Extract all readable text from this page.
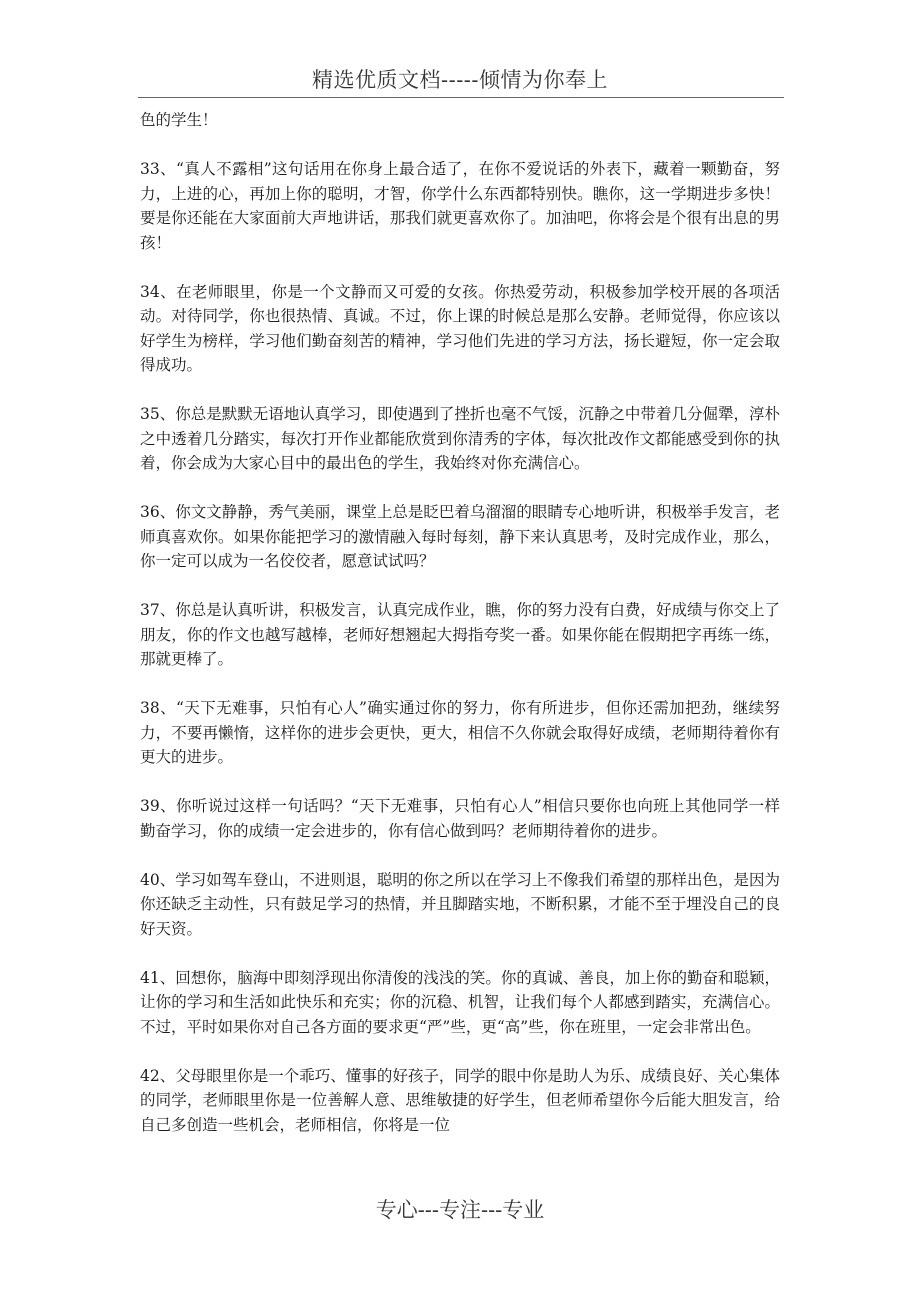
精选优质文档-----倾情为你奉上

色的学生！

33、“真人不露相”这句话用在你身上最合适了，在你不爱说话的外表下，藏着一颗勤奋，努力，上进的心，再加上你的聪明，才智，你学什么东西都特别快。瞧你，这一学期进步多快！要是你还能在大家面前大声地讲话，那我们就更喜欢你了。加油吧，你将会是个很有出息的男孩！

34、在老师眼里，你是一个文静而又可爱的女孩。你热爱劳动，积极参加学校开展的各项活动。对待同学，你也很热情、真诚。不过，你上课的时候总是那么安静。老师觉得，你应该以好学生为榜样，学习他们勤奋刻苦的精神，学习他们先进的学习方法，扬长避短，你一定会取得成功。

35、你总是默默无语地认真学习，即使遇到了挫折也毫不气馁，沉静之中带着几分倔犟，淳朴之中透着几分踏实，每次打开作业都能欣赏到你清秀的字体，每次批改作文都能感受到你的执着，你会成为大家心目中的最出色的学生，我始终对你充满信心。

36、你文文静静，秀气美丽，课堂上总是眨巴着乌溜溜的眼睛专心地听讲，积极举手发言，老师真喜欢你。如果你能把学习的激情融入每时每刻，静下来认真思考，及时完成作业，那么，你一定可以成为一名佼佼者，愿意试试吗？

37、你总是认真听讲，积极发言，认真完成作业，瞧，你的努力没有白费，好成绩与你交上了朋友，你的作文也越写越棒，老师好想翘起大拇指夸奖一番。如果你能在假期把字再练一练，那就更棒了。

38、“天下无难事，只怕有心人”确实通过你的努力，你有所进步，但你还需加把劲，继续努力，不要再懒惰，这样你的进步会更快，更大，相信不久你就会取得好成绩，老师期待着你有更大的进步。

39、你听说过这样一句话吗？“天下无难事，只怕有心人”相信只要你也向班上其他同学一样勤奋学习，你的成绩一定会进步的，你有信心做到吗？老师期待着你的进步。

40、学习如驾车登山，不进则退，聪明的你之所以在学习上不像我们希望的那样出色，是因为你还缺乏主动性，只有鼓足学习的热情，并且脚踏实地，不断积累，才能不至于埋没自己的良好天资。

41、回想你，脑海中即刻浮现出你清俊的浅浅的笑。你的真诚、善良，加上你的勤奋和聪颖，让你的学习和生活如此快乐和充实；你的沉稳、机智，让我们每个人都感到踏实，充满信心。不过，平时如果你对自己各方面的要求更“严”些，更“高”些，你在班里，一定会非常出色。

42、父母眼里你是一个乖巧、懂事的好孩子，同学的眼中你是助人为乐、成绩良好、关心集体的同学，老师眼里你是一位善解人意、思维敏捷的好学生，但老师希望你今后能大胆发言，给自己多创造一些机会，老师相信，你将是一位

专心---专注---专业
